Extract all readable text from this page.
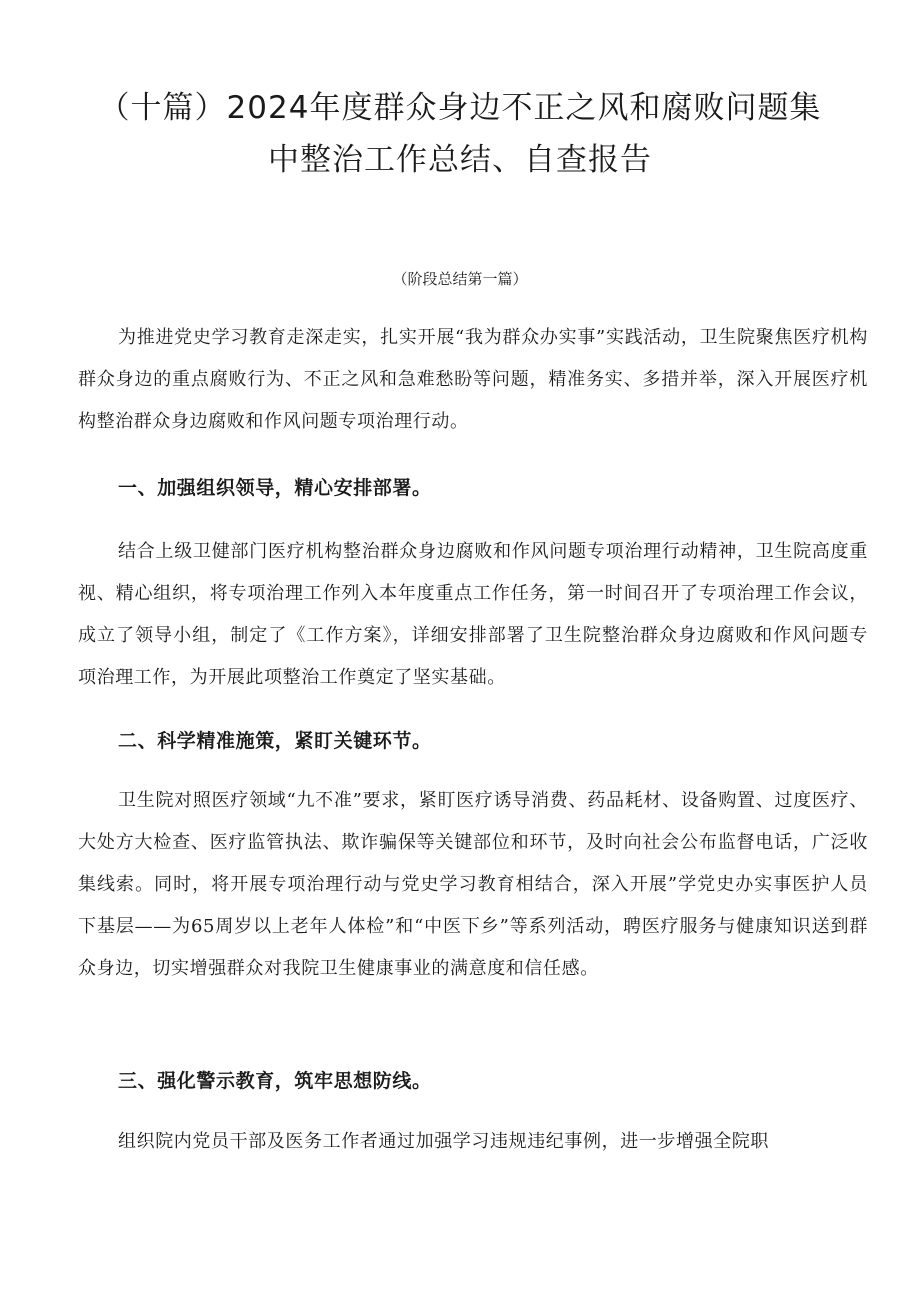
（十篇）2024年度群众身边不正之风和腐败问题集
中整治工作总结、自查报告

（阶段总结第一篇）

为推进党史学习教育走深走实，扎实开展“我为群众办实事”实践活动，卫生院聚焦医疗机构群众身边的重点腐败行为、不正之风和急难愁盼等问题，精准务实、多措并举，深入开展医疗机构整治群众身边腐败和作风问题专项治理行动。

一、加强组织领导，精心安排部署。

结合上级卫健部门医疗机构整治群众身边腐败和作风问题专项治理行动精神，卫生院高度重视、精心组织，将专项治理工作列入本年度重点工作任务，第一时间召开了专项治理工作会议，成立了领导小组，制定了《工作方案》，详细安排部署了卫生院整治群众身边腐败和作风问题专项治理工作，为开展此项整治工作奠定了坚实基础。

二、科学精准施策，紧盯关键环节。

卫生院对照医疗领域“九不准”要求，紧盯医疗诱导消费、药品耗材、设备购置、过度医疗、大处方大检查、医疗监管执法、欺诈骗保等关键部位和环节，及时向社会公布监督电话，广泛收集线索。同时，将开展专项治理行动与党史学习教育相结合，深入开展”学党史办实事医护人员下基层——为65周岁以上老年人体检”和“中医下乡”等系列活动，聘医疗服务与健康知识送到群众身边，切实增强群众对我院卫生健康事业的满意度和信任感。

三、强化警示教育，筑牢思想防线。

组织院内党员干部及医务工作者通过加强学习违规违纪事例，进一步增强全院职
